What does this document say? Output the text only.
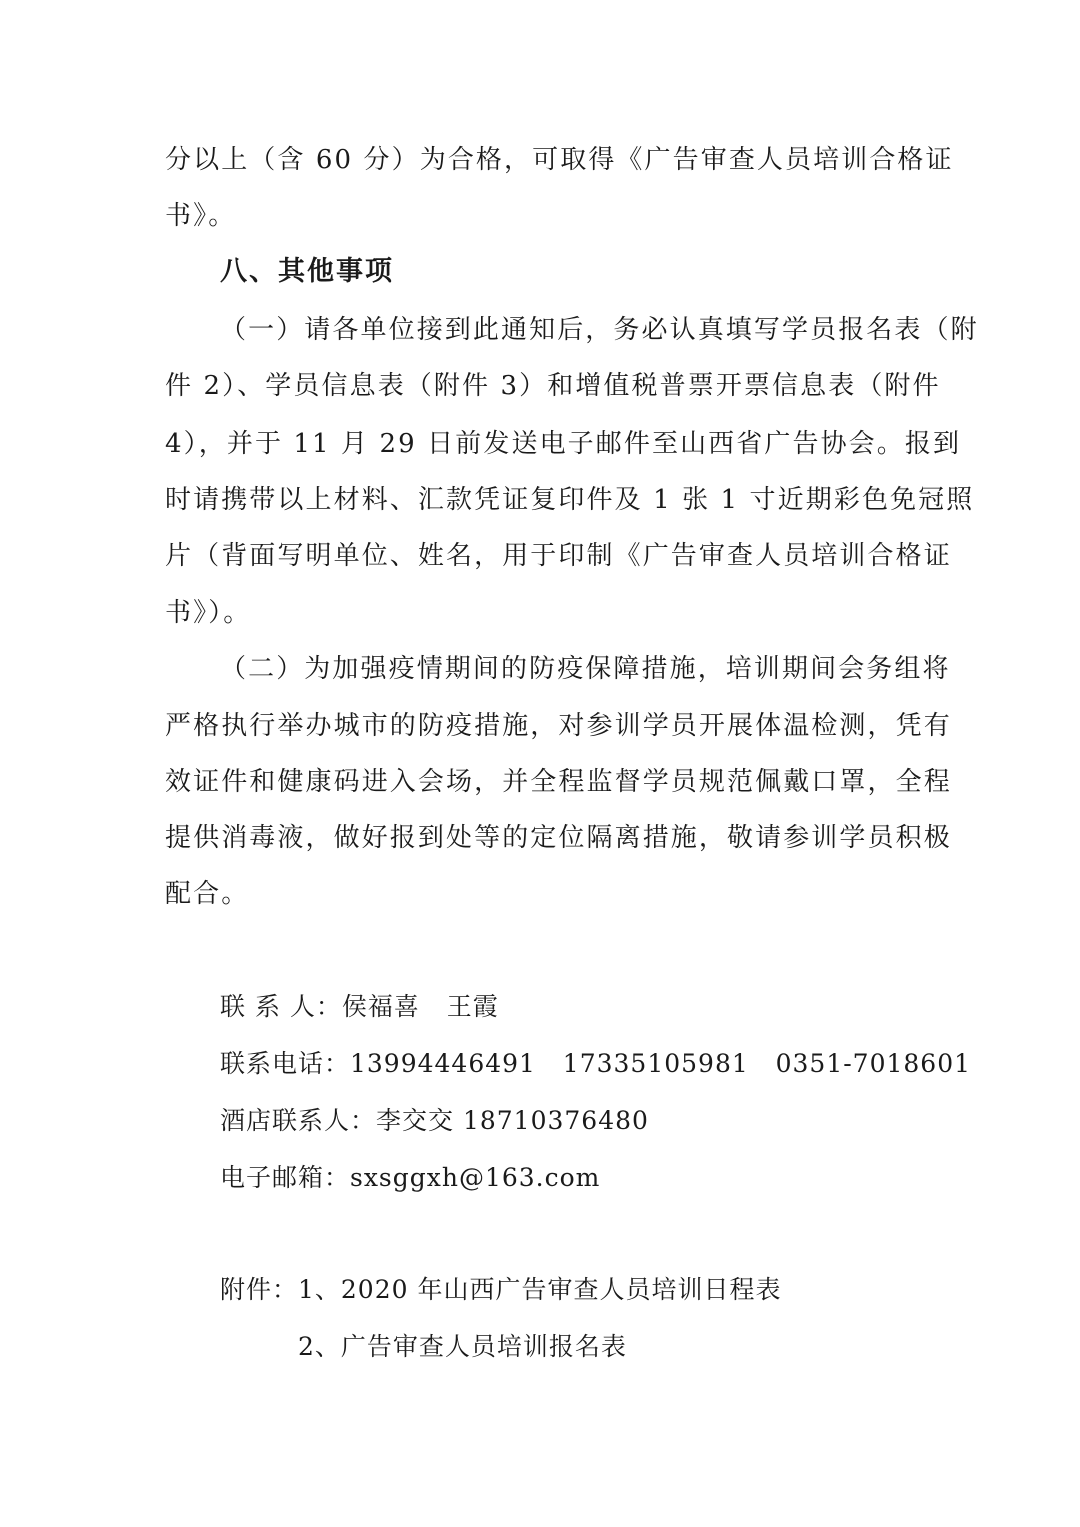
分以上（含 60 分）为合格，可取得《广告审查人员培训合格证
书》。
八、其他事项
（一）请各单位接到此通知后，务必认真填写学员报名表（附
件 2）、学员信息表（附件 3）和增值税普票开票信息表（附件
4），并于 11 月 29 日前发送电子邮件至山西省广告协会。报到
时请携带以上材料、汇款凭证复印件及 1 张 1 寸近期彩色免冠照
片（背面写明单位、姓名，用于印制《广告审查人员培训合格证
书》）。
（二）为加强疫情期间的防疫保障措施，培训期间会务组将
严格执行举办城市的防疫措施，对参训学员开展体温检测，凭有
效证件和健康码进入会场，并全程监督学员规范佩戴口罩，全程
提供消毒液，做好报到处等的定位隔离措施，敬请参训学员积极
配合。
联 系 人：侯福喜   王霞
联系电话：13994446491   17335105981   0351-7018601
酒店联系人：李交交 18710376480
电子邮箱：sxsggxh@163.com
附件：1、2020 年山西广告审查人员培训日程表
2、广告审查人员培训报名表
